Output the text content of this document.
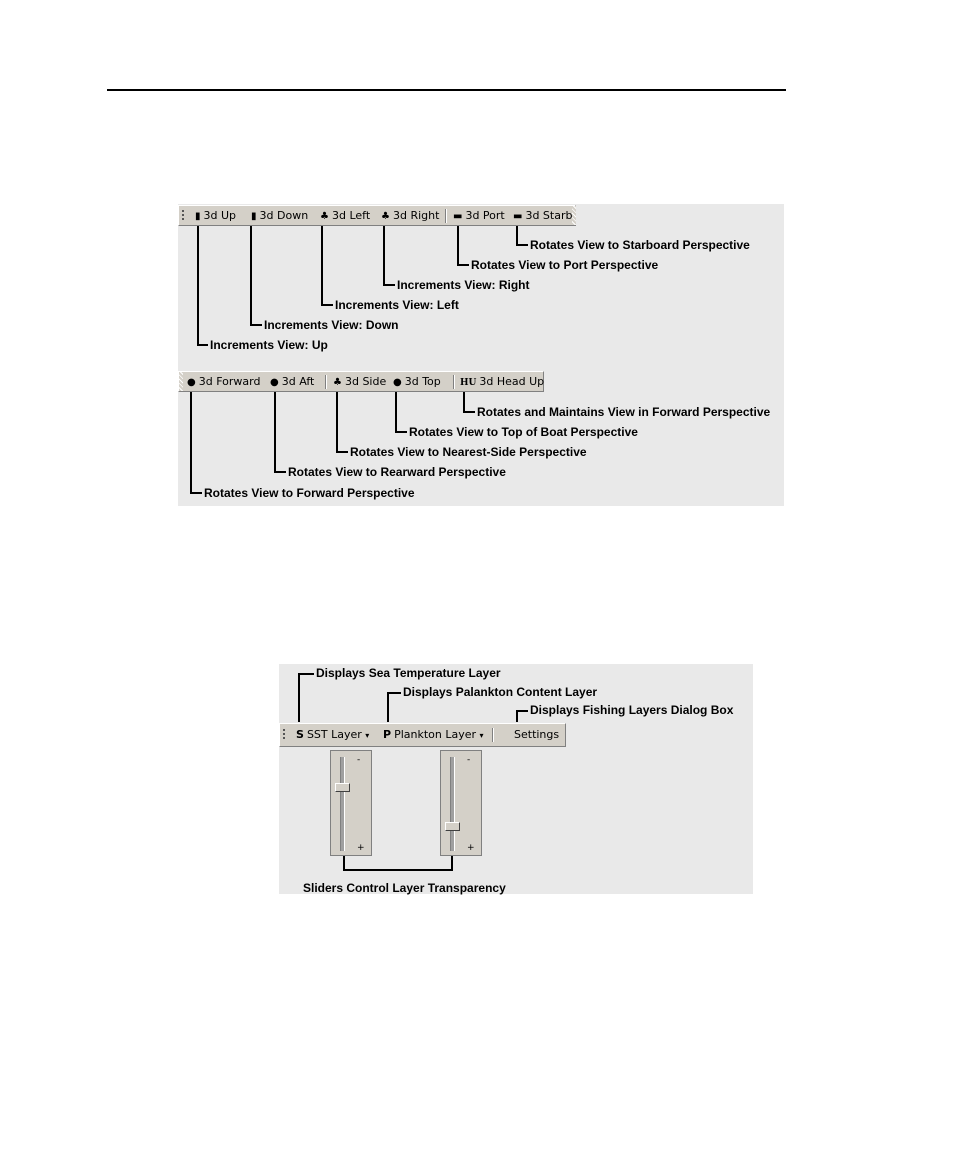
▮ 3d Up ▮ 3d Down ♣ 3d Left ♣ 3d Right ▬ 3d Port ▬ 3d Starb
Rotates View to Starboard Perspective
Rotates View to Port Perspective
Increments View: Right
Increments View: Left
Increments View: Down
Increments View: Up
● 3d Forward ● 3d Aft ♣ 3d Side ● 3d Top HU 3d Head Up
Rotates and Maintains View in Forward Perspective
Rotates View to Top of Boat Perspective
Rotates View to Nearest-Side Perspective
Rotates View to Rearward Perspective
Rotates View to Forward Perspective
Displays Sea Temperature Layer
Displays Palankton Content Layer
Displays Fishing Layers Dialog Box
S SST Layer ▾ P Plankton Layer ▾	Settings
-
+
-
+
Sliders Control Layer Transparency
